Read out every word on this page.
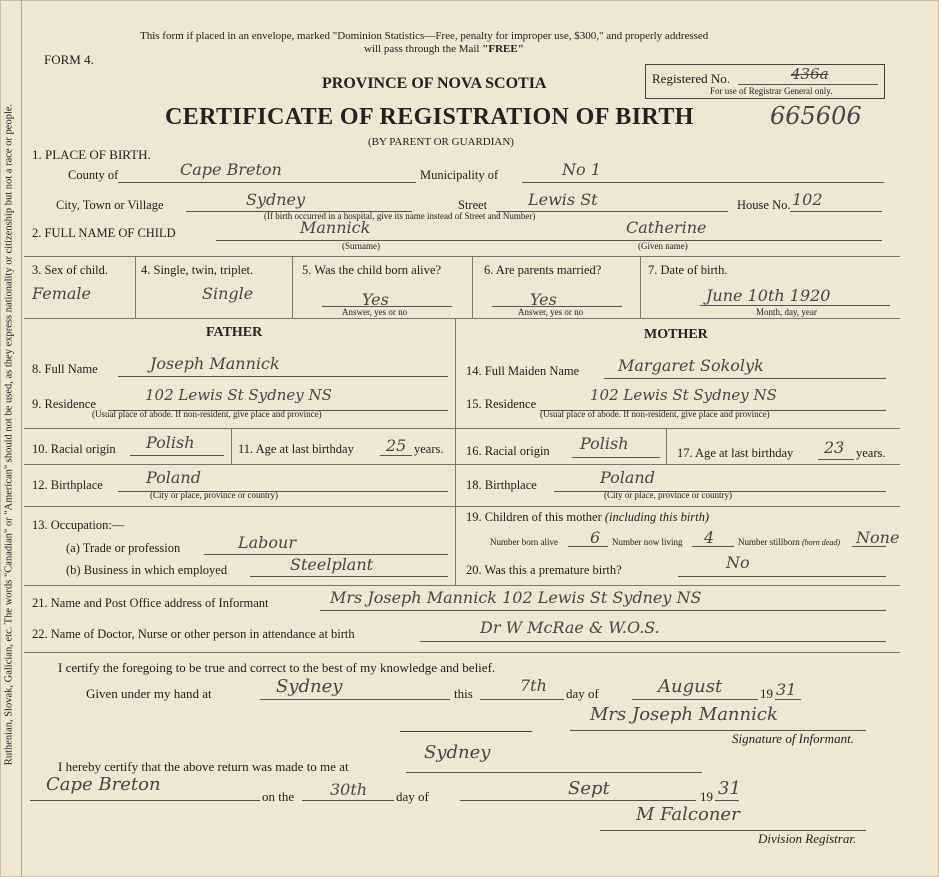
Ruthenian, Slovak, Galician, etc. The words "Canadian" or "American" should not be used, as they express nationality or citizenship but not a race or people.
This form if placed in an envelope, marked "Dominion Statistics—Free, penalty for improper use, $300," and properly addressed
will pass through the Mail "FREE"
FORM 4.
PROVINCE OF NOVA SCOTIA
CERTIFICATE OF REGISTRATION OF BIRTH
(BY PARENT OR GUARDIAN)
Registered No.	436a
For use of Registrar General only.
665606
1. PLACE OF BIRTH.
County of	Cape Breton	Municipality of	No 1
City, Town or Village	Sydney	Street	Lewis St	House No. 102
(If birth occurred in a hospital, give its name instead of Street and Number)
2. FULL NAME OF CHILD	Mannick	Catherine
(Surname)	(Given name)
3. Sex of child.
Female
4. Single, twin, triplet.
Single
5. Was the child born alive?
Yes
Answer, yes or no
6. Are parents married?
Yes
Answer, yes or no
7. Date of birth.
June 10th 1920
Month, day, year
FATHER	MOTHER
8. Full Name	Joseph Mannick
9. Residence	102 Lewis St Sydney NS
(Usual place of abode. If non-resident, give place and province)
10. Racial origin Polish	11. Age at last birthday 25 years.
12. Birthplace	Poland
(City or place, province or country)
13. Occupation:—
(a) Trade or profession	Labour
(b) Business in which employed	Steelplant
14. Full Maiden Name Margaret Sokolyk
15. Residence	102 Lewis St Sydney NS
(Usual place of abode. If non-resident, give place and province)
16. Racial origin Polish	17. Age at last birthday 23 years.
18. Birthplace	Poland
(City or place, province or country)
19. Children of this mother (including this birth)
Number born alive 6 Number now living 4	Number stillborn (born dead) None
20. Was this a premature birth?	No
21. Name and Post Office address of Informant	Mrs Joseph Mannick 102 Lewis St Sydney NS
22. Name of Doctor, Nurse or other person in attendance at birth	Dr W McRae & W.O.S.
I certify the foregoing to be true and correct to the best of my knowledge and belief.
Given under my hand at	Sydney	this	7th day of	August	19 31
Mrs Joseph Mannick
Signature of Informant.
I hereby certify that the above return was made to me at
Sydney
Cape Breton
on the 30th day of	Sept	19 31
M Falconer
Division Registrar.
